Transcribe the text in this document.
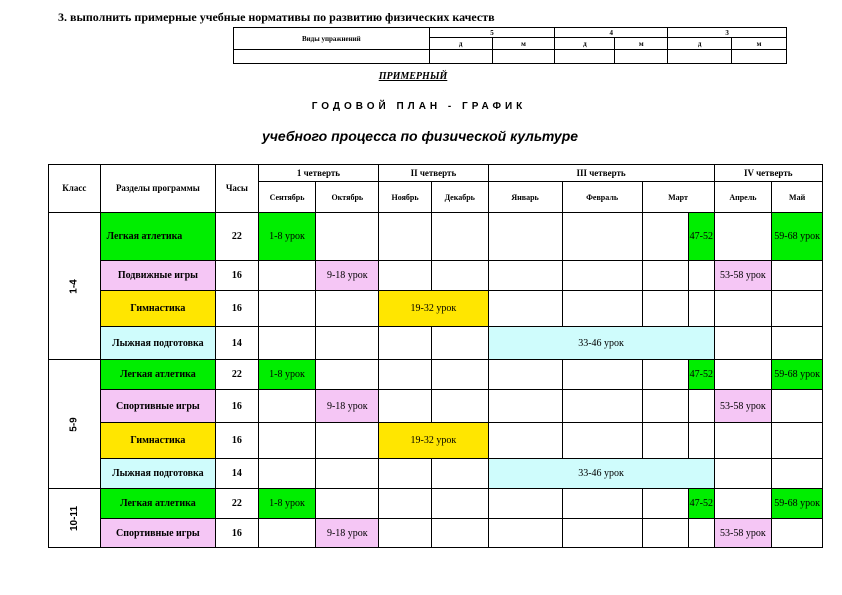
3. выполнить примерные учебные нормативы по развитию физических качеств
Виды упражнений	5		4		3	
	д	м	д	м	д	м

ПРИМЕРНЫЙ
ГОДОВОЙ ПЛАН - ГРАФИК
учебного процесса по физической культуре
Класс	Разделы программы	Часы	1 четверть		II четверть		III четверть				IV четверть	
			Сентябрь	Октябрь	Ноябрь	Декабрь	Январь	Февраль	Март		Апрель	Май
1-4	Легкая атлетика	22	1-8 урок							47-52		59-68 урок
	Подвижные игры	16		9-18 урок							53-58 урок	
	Гимнастика	16			19-32 урок							
	Лыжная подготовка	14					33-46 урок					
5-9	Легкая атлетика	22	1-8 урок							47-52		59-68 урок
	Спортивные игры	16		9-18 урок							53-58 урок	
	Гимнастика	16			19-32 урок							
	Лыжная подготовка	14					33-46 урок					
10-11	Легкая атлетика	22	1-8 урок							47-52		59-68 урок
	Спортивные игры	16		9-18 урок							53-58 урок	
